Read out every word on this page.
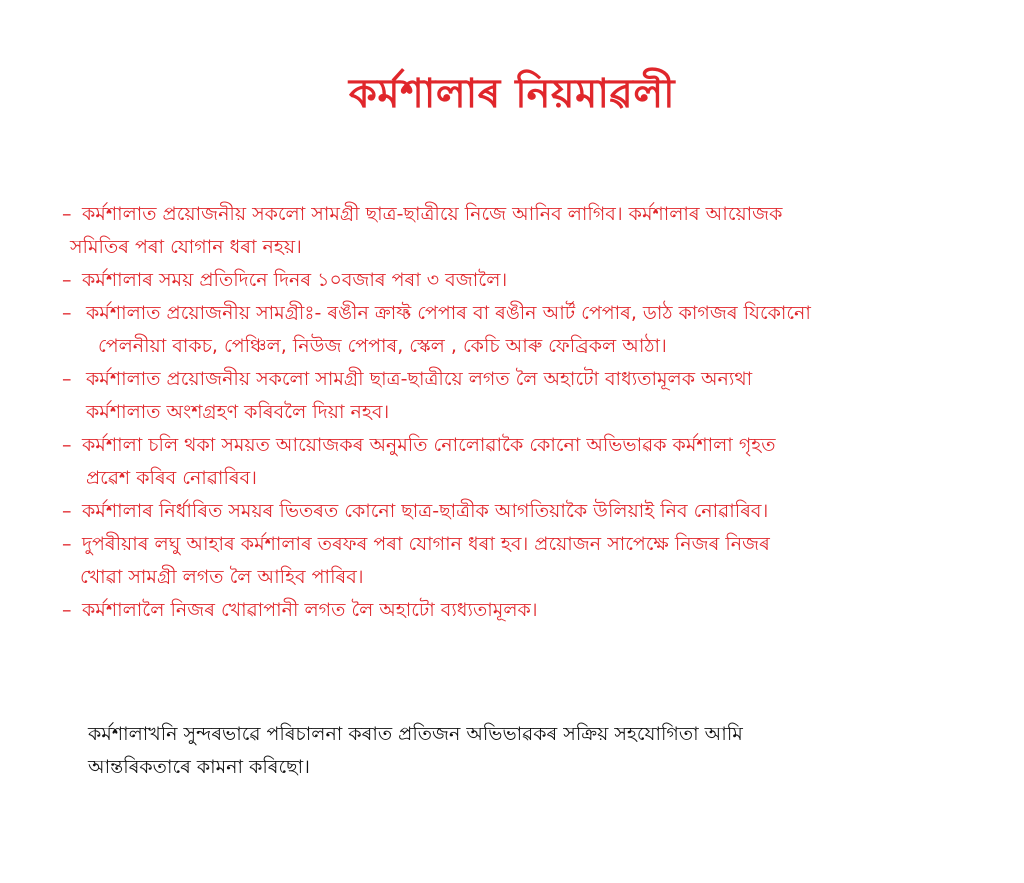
কৰ্মশালাৰ নিয়মাৱলী
– কৰ্মশালাত প্ৰয়োজনীয় সকলো সামগ্ৰী ছাত্ৰ-ছাত্ৰীয়ে নিজে আনিব লাগিব। কৰ্মশালাৰ আয়োজক
সমিতিৰ পৰা যোগান ধৰা নহয়।
– কৰ্মশালাৰ সময় প্ৰতিদিনে দিনৰ ১০বজাৰ পৰা ৩ বজালৈ।
– কৰ্মশালাত প্ৰয়োজনীয় সামগ্ৰীঃ- ৰঙীন ক্ৰাফ্ট পেপাৰ বা ৰঙীন আৰ্ট পেপাৰ, ডাঠ কাগজৰ যিকোনো
পেলনীয়া বাকচ, পেঞ্চিল, নিউজ পেপাৰ, স্কেল , কেচি আৰু ফেব্ৰিকল আঠা।
– কৰ্মশালাত প্ৰয়োজনীয় সকলো সামগ্ৰী ছাত্ৰ-ছাত্ৰীয়ে লগত লৈ অহাটো বাধ্যতামূলক অন্যথা
কৰ্মশালাত অংশগ্ৰহণ কৰিবলৈ দিয়া নহব।
– কৰ্মশালা চলি থকা সময়ত আয়োজকৰ অনুমতি নোলোৱাকৈ কোনো অভিভাৱক কৰ্মশালা গৃহত
প্ৰৱেশ কৰিব নোৱাৰিব।
– কৰ্মশালাৰ নিৰ্ধাৰিত সময়ৰ ভিতৰত কোনো ছাত্ৰ-ছাত্ৰীক আগতিয়াকৈ উলিয়াই নিব নোৱাৰিব।
– দুপৰীয়াৰ লঘু আহাৰ কৰ্মশালাৰ তৰফৰ পৰা যোগান ধৰা হব। প্ৰয়োজন সাপেক্ষে নিজৰ নিজৰ
খোৱা সামগ্ৰী লগত লৈ আহিব পাৰিব।
– কৰ্মশালালৈ নিজৰ খোৱাপানী লগত লৈ অহাটো ব্যধ্যতামূলক।
কৰ্মশালাখনি সুন্দৰভাৱে পৰিচালনা কৰাত প্ৰতিজন অভিভাৱকৰ সক্ৰিয় সহযোগিতা আমি
আন্তৰিকতাৰে কামনা কৰিছো।
